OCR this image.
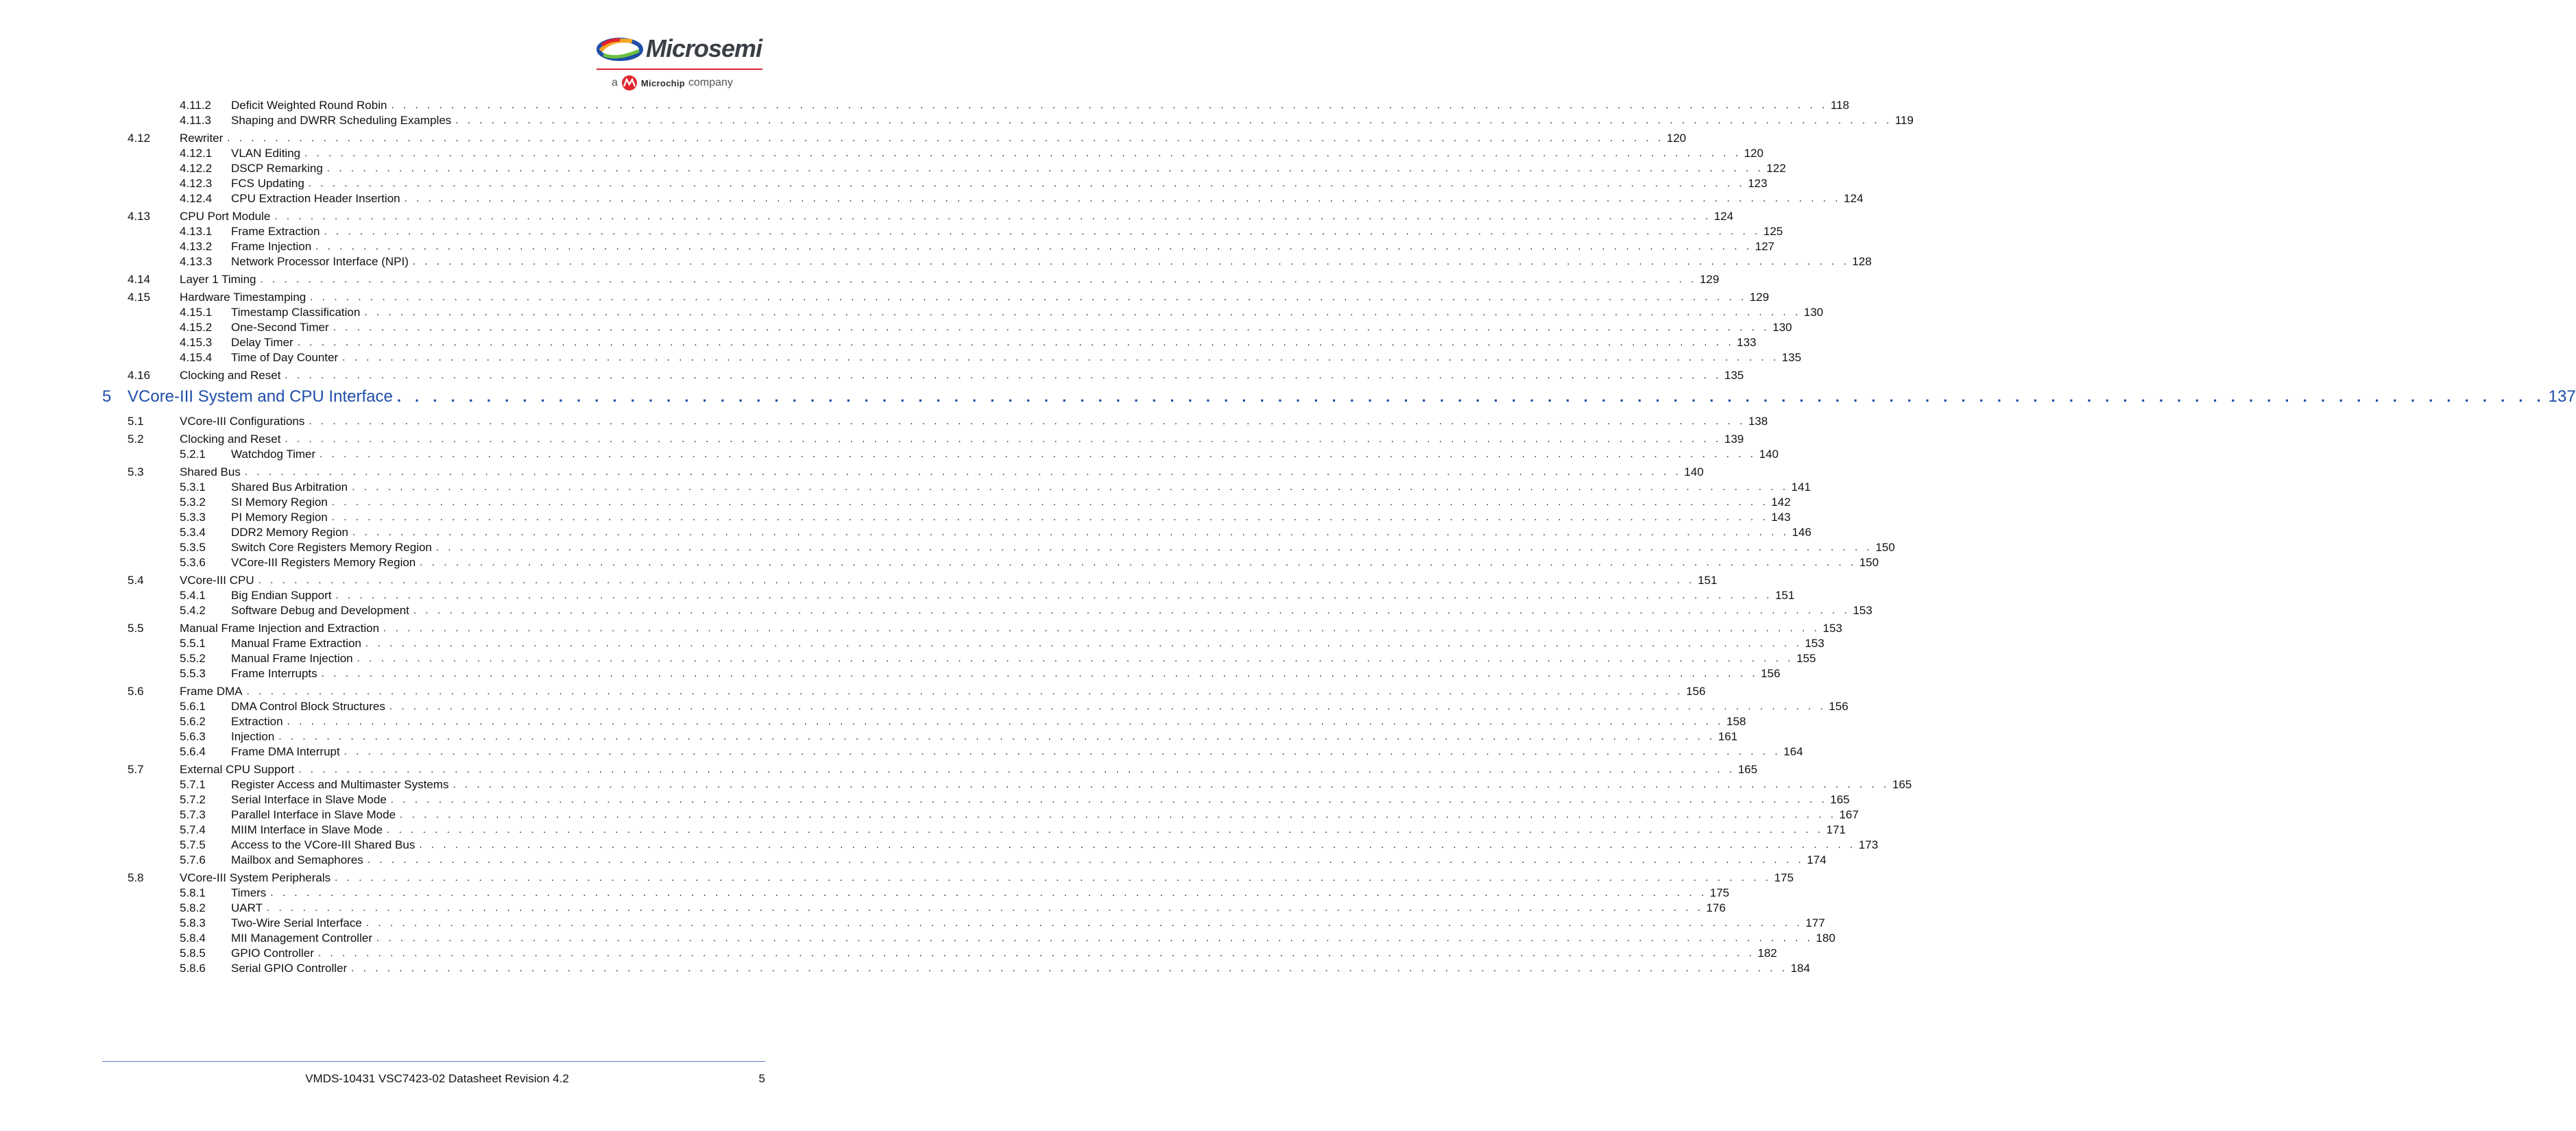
Microsemi
a	Microchip company
4.11.2 Deficit Weighted Round Robin . . . . . . . . . . . . . . . . . . . . . . . . . . . . . . . . . . . . . . . . . . . . . . . . . . . . . . . . . . . . . . . . . . . . . . . . . . . . . . . . . . . . . . . . . . . . . . . . . . . . . . . . . . . . . . . . . . . . . . . . 118
4.11.3 Shaping and DWRR Scheduling Examples . . . . . . . . . . . . . . . . . . . . . . . . . . . . . . . . . . . . . . . . . . . . . . . . . . . . . . . . . . . . . . . . . . . . . . . . . . . . . . . . . . . . . . . . . . . . . . . . . . . . . . . . . . . . . . . . . . . . . . . . 119
4.12	Rewriter . . . . . . . . . . . . . . . . . . . . . . . . . . . . . . . . . . . . . . . . . . . . . . . . . . . . . . . . . . . . . . . . . . . . . . . . . . . . . . . . . . . . . . . . . . . . . . . . . . . . . . . . . . . . . . . . . . . . . . . . 120
4.12.1 VLAN Editing . . . . . . . . . . . . . . . . . . . . . . . . . . . . . . . . . . . . . . . . . . . . . . . . . . . . . . . . . . . . . . . . . . . . . . . . . . . . . . . . . . . . . . . . . . . . . . . . . . . . . . . . . . . . . . . . . . . . . . . . 120
4.12.2 DSCP Remarking . . . . . . . . . . . . . . . . . . . . . . . . . . . . . . . . . . . . . . . . . . . . . . . . . . . . . . . . . . . . . . . . . . . . . . . . . . . . . . . . . . . . . . . . . . . . . . . . . . . . . . . . . . . . . . . . . . . . . . . . 122
4.12.3 FCS Updating . . . . . . . . . . . . . . . . . . . . . . . . . . . . . . . . . . . . . . . . . . . . . . . . . . . . . . . . . . . . . . . . . . . . . . . . . . . . . . . . . . . . . . . . . . . . . . . . . . . . . . . . . . . . . . . . . . . . . . . . 123
4.12.4 CPU Extraction Header Insertion . . . . . . . . . . . . . . . . . . . . . . . . . . . . . . . . . . . . . . . . . . . . . . . . . . . . . . . . . . . . . . . . . . . . . . . . . . . . . . . . . . . . . . . . . . . . . . . . . . . . . . . . . . . . . . . . . . . . . . . . 124
4.13	CPU Port Module . . . . . . . . . . . . . . . . . . . . . . . . . . . . . . . . . . . . . . . . . . . . . . . . . . . . . . . . . . . . . . . . . . . . . . . . . . . . . . . . . . . . . . . . . . . . . . . . . . . . . . . . . . . . . . . . . . . . . . . . 124
4.13.1 Frame Extraction . . . . . . . . . . . . . . . . . . . . . . . . . . . . . . . . . . . . . . . . . . . . . . . . . . . . . . . . . . . . . . . . . . . . . . . . . . . . . . . . . . . . . . . . . . . . . . . . . . . . . . . . . . . . . . . . . . . . . . . . 125
4.13.2 Frame Injection . . . . . . . . . . . . . . . . . . . . . . . . . . . . . . . . . . . . . . . . . . . . . . . . . . . . . . . . . . . . . . . . . . . . . . . . . . . . . . . . . . . . . . . . . . . . . . . . . . . . . . . . . . . . . . . . . . . . . . . . 127
4.13.3 Network Processor Interface (NPI) . . . . . . . . . . . . . . . . . . . . . . . . . . . . . . . . . . . . . . . . . . . . . . . . . . . . . . . . . . . . . . . . . . . . . . . . . . . . . . . . . . . . . . . . . . . . . . . . . . . . . . . . . . . . . . . . . . . . . . . . 128
4.14	Layer 1 Timing . . . . . . . . . . . . . . . . . . . . . . . . . . . . . . . . . . . . . . . . . . . . . . . . . . . . . . . . . . . . . . . . . . . . . . . . . . . . . . . . . . . . . . . . . . . . . . . . . . . . . . . . . . . . . . . . . . . . . . . . 129
4.15	Hardware Timestamping . . . . . . . . . . . . . . . . . . . . . . . . . . . . . . . . . . . . . . . . . . . . . . . . . . . . . . . . . . . . . . . . . . . . . . . . . . . . . . . . . . . . . . . . . . . . . . . . . . . . . . . . . . . . . . . . . . . . . . . . 129
4.15.1 Timestamp Classification . . . . . . . . . . . . . . . . . . . . . . . . . . . . . . . . . . . . . . . . . . . . . . . . . . . . . . . . . . . . . . . . . . . . . . . . . . . . . . . . . . . . . . . . . . . . . . . . . . . . . . . . . . . . . . . . . . . . . . . . 130
4.15.2 One-Second Timer . . . . . . . . . . . . . . . . . . . . . . . . . . . . . . . . . . . . . . . . . . . . . . . . . . . . . . . . . . . . . . . . . . . . . . . . . . . . . . . . . . . . . . . . . . . . . . . . . . . . . . . . . . . . . . . . . . . . . . . . 130
4.15.3 Delay Timer . . . . . . . . . . . . . . . . . . . . . . . . . . . . . . . . . . . . . . . . . . . . . . . . . . . . . . . . . . . . . . . . . . . . . . . . . . . . . . . . . . . . . . . . . . . . . . . . . . . . . . . . . . . . . . . . . . . . . . . . 133
4.15.4 Time of Day Counter . . . . . . . . . . . . . . . . . . . . . . . . . . . . . . . . . . . . . . . . . . . . . . . . . . . . . . . . . . . . . . . . . . . . . . . . . . . . . . . . . . . . . . . . . . . . . . . . . . . . . . . . . . . . . . . . . . . . . . . . 135
4.16	Clocking and Reset . . . . . . . . . . . . . . . . . . . . . . . . . . . . . . . . . . . . . . . . . . . . . . . . . . . . . . . . . . . . . . . . . . . . . . . . . . . . . . . . . . . . . . . . . . . . . . . . . . . . . . . . . . . . . . . . . . . . . . . . 135
5 VCore-III System and CPU Interface . . . . . . . . . . . . . . . . . . . . . . . . . . . . . . . . . . . . . . . . . . . . . . . . . . . . . . . . . . . . . . . . . . . . . . . . . . . . . . . . . . . . . . . . . . . . . . . . . . . . . . . . . . . . . . . . . . . . . . . . 137
5.1	VCore-III Configurations . . . . . . . . . . . . . . . . . . . . . . . . . . . . . . . . . . . . . . . . . . . . . . . . . . . . . . . . . . . . . . . . . . . . . . . . . . . . . . . . . . . . . . . . . . . . . . . . . . . . . . . . . . . . . . . . . . . . . . . . 138
5.2	Clocking and Reset . . . . . . . . . . . . . . . . . . . . . . . . . . . . . . . . . . . . . . . . . . . . . . . . . . . . . . . . . . . . . . . . . . . . . . . . . . . . . . . . . . . . . . . . . . . . . . . . . . . . . . . . . . . . . . . . . . . . . . . . 139
5.2.1 Watchdog Timer . . . . . . . . . . . . . . . . . . . . . . . . . . . . . . . . . . . . . . . . . . . . . . . . . . . . . . . . . . . . . . . . . . . . . . . . . . . . . . . . . . . . . . . . . . . . . . . . . . . . . . . . . . . . . . . . . . . . . . . . 140
5.3	Shared Bus . . . . . . . . . . . . . . . . . . . . . . . . . . . . . . . . . . . . . . . . . . . . . . . . . . . . . . . . . . . . . . . . . . . . . . . . . . . . . . . . . . . . . . . . . . . . . . . . . . . . . . . . . . . . . . . . . . . . . . . . 140
5.3.1 Shared Bus Arbitration . . . . . . . . . . . . . . . . . . . . . . . . . . . . . . . . . . . . . . . . . . . . . . . . . . . . . . . . . . . . . . . . . . . . . . . . . . . . . . . . . . . . . . . . . . . . . . . . . . . . . . . . . . . . . . . . . . . . . . . . 141
5.3.2 SI Memory Region . . . . . . . . . . . . . . . . . . . . . . . . . . . . . . . . . . . . . . . . . . . . . . . . . . . . . . . . . . . . . . . . . . . . . . . . . . . . . . . . . . . . . . . . . . . . . . . . . . . . . . . . . . . . . . . . . . . . . . . . 142
5.3.3 PI Memory Region . . . . . . . . . . . . . . . . . . . . . . . . . . . . . . . . . . . . . . . . . . . . . . . . . . . . . . . . . . . . . . . . . . . . . . . . . . . . . . . . . . . . . . . . . . . . . . . . . . . . . . . . . . . . . . . . . . . . . . . . 143
5.3.4 DDR2 Memory Region . . . . . . . . . . . . . . . . . . . . . . . . . . . . . . . . . . . . . . . . . . . . . . . . . . . . . . . . . . . . . . . . . . . . . . . . . . . . . . . . . . . . . . . . . . . . . . . . . . . . . . . . . . . . . . . . . . . . . . . . 146
5.3.5 Switch Core Registers Memory Region . . . . . . . . . . . . . . . . . . . . . . . . . . . . . . . . . . . . . . . . . . . . . . . . . . . . . . . . . . . . . . . . . . . . . . . . . . . . . . . . . . . . . . . . . . . . . . . . . . . . . . . . . . . . . . . . . . . . . . . . 150
5.3.6 VCore-III Registers Memory Region . . . . . . . . . . . . . . . . . . . . . . . . . . . . . . . . . . . . . . . . . . . . . . . . . . . . . . . . . . . . . . . . . . . . . . . . . . . . . . . . . . . . . . . . . . . . . . . . . . . . . . . . . . . . . . . . . . . . . . . . 150
5.4	VCore-III CPU . . . . . . . . . . . . . . . . . . . . . . . . . . . . . . . . . . . . . . . . . . . . . . . . . . . . . . . . . . . . . . . . . . . . . . . . . . . . . . . . . . . . . . . . . . . . . . . . . . . . . . . . . . . . . . . . . . . . . . . . 151
5.4.1 Big Endian Support . . . . . . . . . . . . . . . . . . . . . . . . . . . . . . . . . . . . . . . . . . . . . . . . . . . . . . . . . . . . . . . . . . . . . . . . . . . . . . . . . . . . . . . . . . . . . . . . . . . . . . . . . . . . . . . . . . . . . . . . 151
5.4.2 Software Debug and Development . . . . . . . . . . . . . . . . . . . . . . . . . . . . . . . . . . . . . . . . . . . . . . . . . . . . . . . . . . . . . . . . . . . . . . . . . . . . . . . . . . . . . . . . . . . . . . . . . . . . . . . . . . . . . . . . . . . . . . . . 153
5.5	Manual Frame Injection and Extraction . . . . . . . . . . . . . . . . . . . . . . . . . . . . . . . . . . . . . . . . . . . . . . . . . . . . . . . . . . . . . . . . . . . . . . . . . . . . . . . . . . . . . . . . . . . . . . . . . . . . . . . . . . . . . . . . . . . . . . . . 153
5.5.1 Manual Frame Extraction . . . . . . . . . . . . . . . . . . . . . . . . . . . . . . . . . . . . . . . . . . . . . . . . . . . . . . . . . . . . . . . . . . . . . . . . . . . . . . . . . . . . . . . . . . . . . . . . . . . . . . . . . . . . . . . . . . . . . . . . 153
5.5.2 Manual Frame Injection . . . . . . . . . . . . . . . . . . . . . . . . . . . . . . . . . . . . . . . . . . . . . . . . . . . . . . . . . . . . . . . . . . . . . . . . . . . . . . . . . . . . . . . . . . . . . . . . . . . . . . . . . . . . . . . . . . . . . . . . 155
5.5.3 Frame Interrupts . . . . . . . . . . . . . . . . . . . . . . . . . . . . . . . . . . . . . . . . . . . . . . . . . . . . . . . . . . . . . . . . . . . . . . . . . . . . . . . . . . . . . . . . . . . . . . . . . . . . . . . . . . . . . . . . . . . . . . . . 156
5.6	Frame DMA . . . . . . . . . . . . . . . . . . . . . . . . . . . . . . . . . . . . . . . . . . . . . . . . . . . . . . . . . . . . . . . . . . . . . . . . . . . . . . . . . . . . . . . . . . . . . . . . . . . . . . . . . . . . . . . . . . . . . . . . 156
5.6.1 DMA Control Block Structures . . . . . . . . . . . . . . . . . . . . . . . . . . . . . . . . . . . . . . . . . . . . . . . . . . . . . . . . . . . . . . . . . . . . . . . . . . . . . . . . . . . . . . . . . . . . . . . . . . . . . . . . . . . . . . . . . . . . . . . . 156
5.6.2 Extraction . . . . . . . . . . . . . . . . . . . . . . . . . . . . . . . . . . . . . . . . . . . . . . . . . . . . . . . . . . . . . . . . . . . . . . . . . . . . . . . . . . . . . . . . . . . . . . . . . . . . . . . . . . . . . . . . . . . . . . . . 158
5.6.3 Injection . . . . . . . . . . . . . . . . . . . . . . . . . . . . . . . . . . . . . . . . . . . . . . . . . . . . . . . . . . . . . . . . . . . . . . . . . . . . . . . . . . . . . . . . . . . . . . . . . . . . . . . . . . . . . . . . . . . . . . . . 161
5.6.4 Frame DMA Interrupt . . . . . . . . . . . . . . . . . . . . . . . . . . . . . . . . . . . . . . . . . . . . . . . . . . . . . . . . . . . . . . . . . . . . . . . . . . . . . . . . . . . . . . . . . . . . . . . . . . . . . . . . . . . . . . . . . . . . . . . . 164
5.7	External CPU Support . . . . . . . . . . . . . . . . . . . . . . . . . . . . . . . . . . . . . . . . . . . . . . . . . . . . . . . . . . . . . . . . . . . . . . . . . . . . . . . . . . . . . . . . . . . . . . . . . . . . . . . . . . . . . . . . . . . . . . . . 165
5.7.1 Register Access and Multimaster Systems . . . . . . . . . . . . . . . . . . . . . . . . . . . . . . . . . . . . . . . . . . . . . . . . . . . . . . . . . . . . . . . . . . . . . . . . . . . . . . . . . . . . . . . . . . . . . . . . . . . . . . . . . . . . . . . . . . . . . . . . 165
5.7.2 Serial Interface in Slave Mode . . . . . . . . . . . . . . . . . . . . . . . . . . . . . . . . . . . . . . . . . . . . . . . . . . . . . . . . . . . . . . . . . . . . . . . . . . . . . . . . . . . . . . . . . . . . . . . . . . . . . . . . . . . . . . . . . . . . . . . . 165
5.7.3 Parallel Interface in Slave Mode . . . . . . . . . . . . . . . . . . . . . . . . . . . . . . . . . . . . . . . . . . . . . . . . . . . . . . . . . . . . . . . . . . . . . . . . . . . . . . . . . . . . . . . . . . . . . . . . . . . . . . . . . . . . . . . . . . . . . . . . 167
5.7.4 MIIM Interface in Slave Mode . . . . . . . . . . . . . . . . . . . . . . . . . . . . . . . . . . . . . . . . . . . . . . . . . . . . . . . . . . . . . . . . . . . . . . . . . . . . . . . . . . . . . . . . . . . . . . . . . . . . . . . . . . . . . . . . . . . . . . . . 171
5.7.5 Access to the VCore-III Shared Bus . . . . . . . . . . . . . . . . . . . . . . . . . . . . . . . . . . . . . . . . . . . . . . . . . . . . . . . . . . . . . . . . . . . . . . . . . . . . . . . . . . . . . . . . . . . . . . . . . . . . . . . . . . . . . . . . . . . . . . . . 173
5.7.6 Mailbox and Semaphores . . . . . . . . . . . . . . . . . . . . . . . . . . . . . . . . . . . . . . . . . . . . . . . . . . . . . . . . . . . . . . . . . . . . . . . . . . . . . . . . . . . . . . . . . . . . . . . . . . . . . . . . . . . . . . . . . . . . . . . . 174
5.8	VCore-III System Peripherals . . . . . . . . . . . . . . . . . . . . . . . . . . . . . . . . . . . . . . . . . . . . . . . . . . . . . . . . . . . . . . . . . . . . . . . . . . . . . . . . . . . . . . . . . . . . . . . . . . . . . . . . . . . . . . . . . . . . . . . . 175
5.8.1 Timers . . . . . . . . . . . . . . . . . . . . . . . . . . . . . . . . . . . . . . . . . . . . . . . . . . . . . . . . . . . . . . . . . . . . . . . . . . . . . . . . . . . . . . . . . . . . . . . . . . . . . . . . . . . . . . . . . . . . . . . . 175
5.8.2 UART . . . . . . . . . . . . . . . . . . . . . . . . . . . . . . . . . . . . . . . . . . . . . . . . . . . . . . . . . . . . . . . . . . . . . . . . . . . . . . . . . . . . . . . . . . . . . . . . . . . . . . . . . . . . . . . . . . . . . . . . 176
5.8.3 Two-Wire Serial Interface . . . . . . . . . . . . . . . . . . . . . . . . . . . . . . . . . . . . . . . . . . . . . . . . . . . . . . . . . . . . . . . . . . . . . . . . . . . . . . . . . . . . . . . . . . . . . . . . . . . . . . . . . . . . . . . . . . . . . . . . 177
5.8.4 MII Management Controller . . . . . . . . . . . . . . . . . . . . . . . . . . . . . . . . . . . . . . . . . . . . . . . . . . . . . . . . . . . . . . . . . . . . . . . . . . . . . . . . . . . . . . . . . . . . . . . . . . . . . . . . . . . . . . . . . . . . . . . . 180
5.8.5 GPIO Controller . . . . . . . . . . . . . . . . . . . . . . . . . . . . . . . . . . . . . . . . . . . . . . . . . . . . . . . . . . . . . . . . . . . . . . . . . . . . . . . . . . . . . . . . . . . . . . . . . . . . . . . . . . . . . . . . . . . . . . . . 182
5.8.6 Serial GPIO Controller . . . . . . . . . . . . . . . . . . . . . . . . . . . . . . . . . . . . . . . . . . . . . . . . . . . . . . . . . . . . . . . . . . . . . . . . . . . . . . . . . . . . . . . . . . . . . . . . . . . . . . . . . . . . . . . . . . . . . . . . 184
VMDS-10431 VSC7423-02 Datasheet Revision 4.2	5
